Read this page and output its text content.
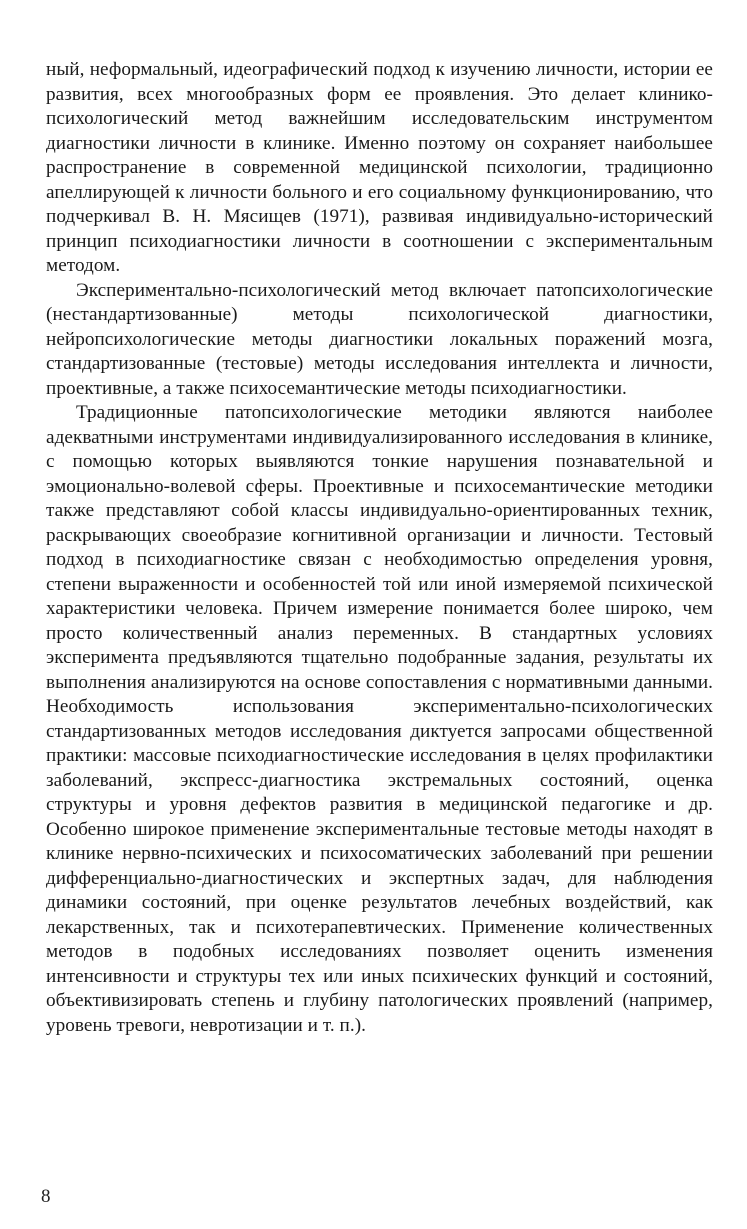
ный, неформальный, идеографический подход к изучению личности, истории ее развития, всех многообразных форм ее проявления. Это делает клинико-психологический метод важнейшим исследовательским инструментом диагностики личности в клинике. Именно поэтому он сохраняет наибольшее распространение в современной медицинской психологии, традиционно апеллирующей к личности больного и его социальному функционированию, что подчеркивал В. Н. Мясищев (1971), развивая индивидуально-исторический принцип психодиагностики личности в соотношении с экспериментальным методом.

Экспериментально-психологический метод включает патопсихологические (нестандартизованные) методы психологической диагностики, нейропсихологические методы диагностики локальных поражений мозга, стандартизованные (тестовые) методы исследования интеллекта и личности, проективные, а также психосемантические методы психодиагностики.

Традиционные патопсихологические методики являются наиболее адекватными инструментами индивидуализированного исследования в клинике, с помощью которых выявляются тонкие нарушения познавательной и эмоционально-волевой сферы. Проективные и психосемантические методики также представляют собой классы индивидуально-ориентированных техник, раскрывающих своеобразие когнитивной организации и личности. Тестовый подход в психодиагностике связан с необходимостью определения уровня, степени выраженности и особенностей той или иной измеряемой психической характеристики человека. Причем измерение понимается более широко, чем просто количественный анализ переменных. В стандартных условиях эксперимента предъявляются тщательно подобранные задания, результаты их выполнения анализируются на основе сопоставления с нормативными данными. Необходимость использования экспериментально-психологических стандартизованных методов исследования диктуется запросами общественной практики: массовые психодиагностические исследования в целях профилактики заболеваний, экспресс-диагностика экстремальных состояний, оценка структуры и уровня дефектов развития в медицинской педагогике и др. Особенно широкое применение экспериментальные тестовые методы находят в клинике нервно-психических и психосоматических заболеваний при решении дифференциально-диагностических и экспертных задач, для наблюдения динамики состояний, при оценке результатов лечебных воздействий, как лекарственных, так и психотерапевтических. Применение количественных методов в подобных исследованиях позволяет оценить изменения интенсивности и структуры тех или иных психических функций и состояний, объективизировать степень и глубину патологических проявлений (например, уровень тревоги, невротизации и т. п.).

8
